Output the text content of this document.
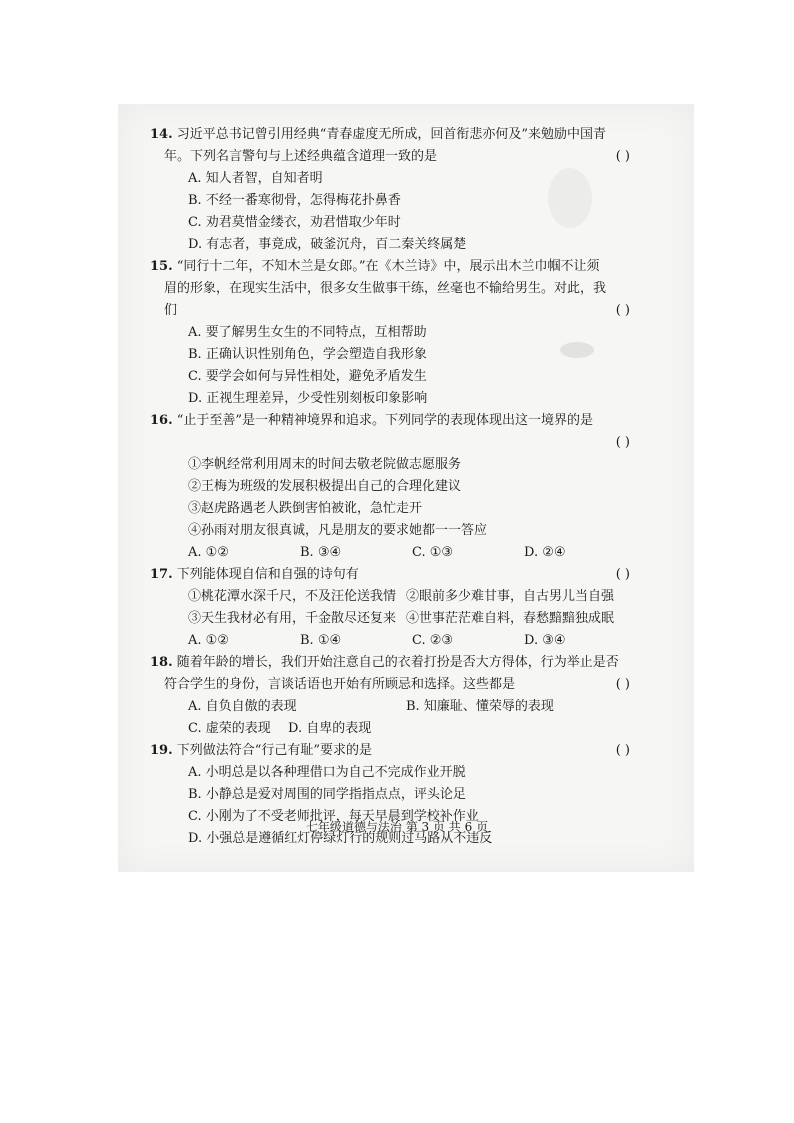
14. 习近平总书记曾引用经典“青春虚度无所成，回首衔悲亦何及”来勉励中国青
年。下列名言警句与上述经典蕴含道理一致的是	( )
A. 知人者智，自知者明
B. 不经一番寒彻骨，怎得梅花扑鼻香
C. 劝君莫惜金缕衣，劝君惜取少年时
D. 有志者，事竟成，破釜沉舟，百二秦关终属楚
15. “同行十二年，不知木兰是女郎。”在《木兰诗》中，展示出木兰巾帼不让须
眉的形象，在现实生活中，很多女生做事干练，丝毫也不输给男生。对此，我
们	( )
A. 要了解男生女生的不同特点，互相帮助
B. 正确认识性别角色，学会塑造自我形象
C. 要学会如何与异性相处，避免矛盾发生
D. 正视生理差异，少受性别刻板印象影响
16. “止于至善”是一种精神境界和追求。下列同学的表现体现出这一境界的是
( )
①李帆经常利用周末的时间去敬老院做志愿服务
②王梅为班级的发展积极提出自己的合理化建议
③赵虎路遇老人跌倒害怕被讹，急忙走开
④孙雨对朋友很真诚，凡是朋友的要求她都一一答应
A. ①②	B. ③④	C. ①③	D. ②④
17. 下列能体现自信和自强的诗句有	( )
①桃花潭水深千尺，不及汪伦送我情 ②眼前多少难甘事，自古男儿当自强
③天生我材必有用，千金散尽还复来 ④世事茫茫难自料，春愁黯黯独成眠
A. ①②	B. ①④	C. ②③	D. ③④
18. 随着年龄的增长，我们开始注意自己的衣着打扮是否大方得体，行为举止是否
符合学生的身份，言谈话语也开始有所顾忌和选择。这些都是	( )
A. 自负自傲的表现	B. 知廉耻、懂荣辱的表现
C. 虚荣的表现	D. 自卑的表现
19. 下列做法符合“行己有耻”要求的是	( )
A. 小明总是以各种理借口为自己不完成作业开脱
B. 小静总是爱对周围的同学指指点点，评头论足
C. 小刚为了不受老师批评，每天早晨到学校补作业
D. 小强总是遵循红灯停绿灯行的规则过马路从不违反
七年级道德与法治 第 3 页 共 6 页
